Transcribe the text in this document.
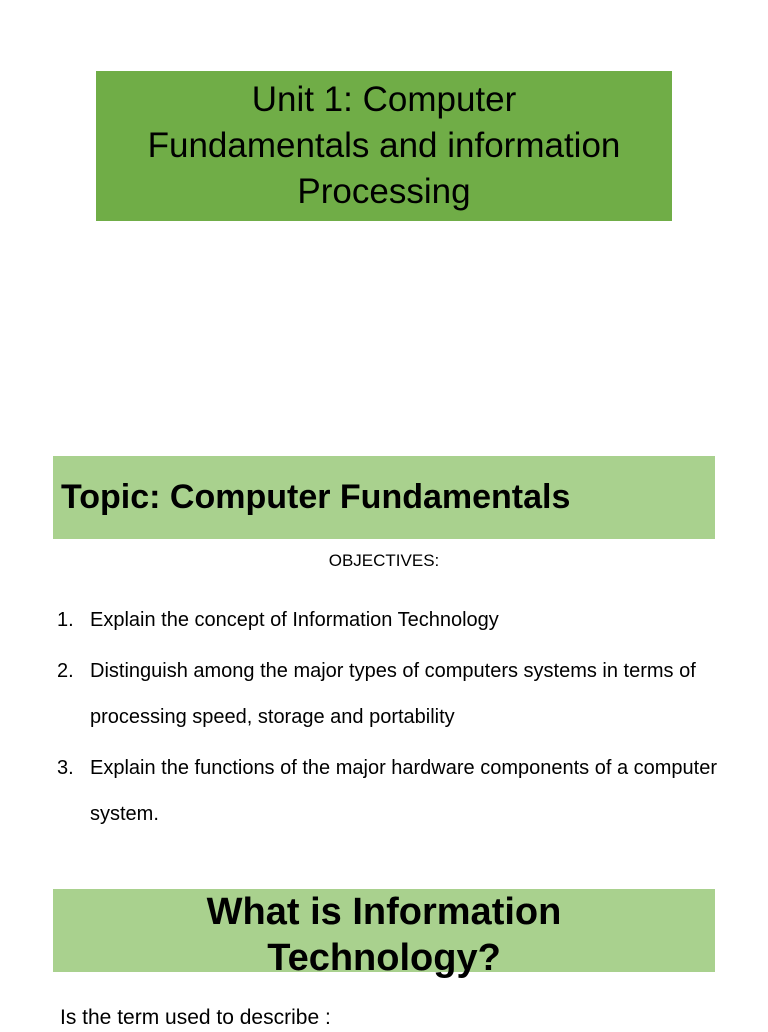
Unit 1: Computer
Fundamentals and information
Processing
Topic: Computer Fundamentals
OBJECTIVES:
1. Explain the concept of Information Technology
2. Distinguish among the major types of computers systems in terms of processing speed, storage and portability
3. Explain the functions of the major hardware components of a computer system.
What is Information
Technology?
Is the term used to describe :
